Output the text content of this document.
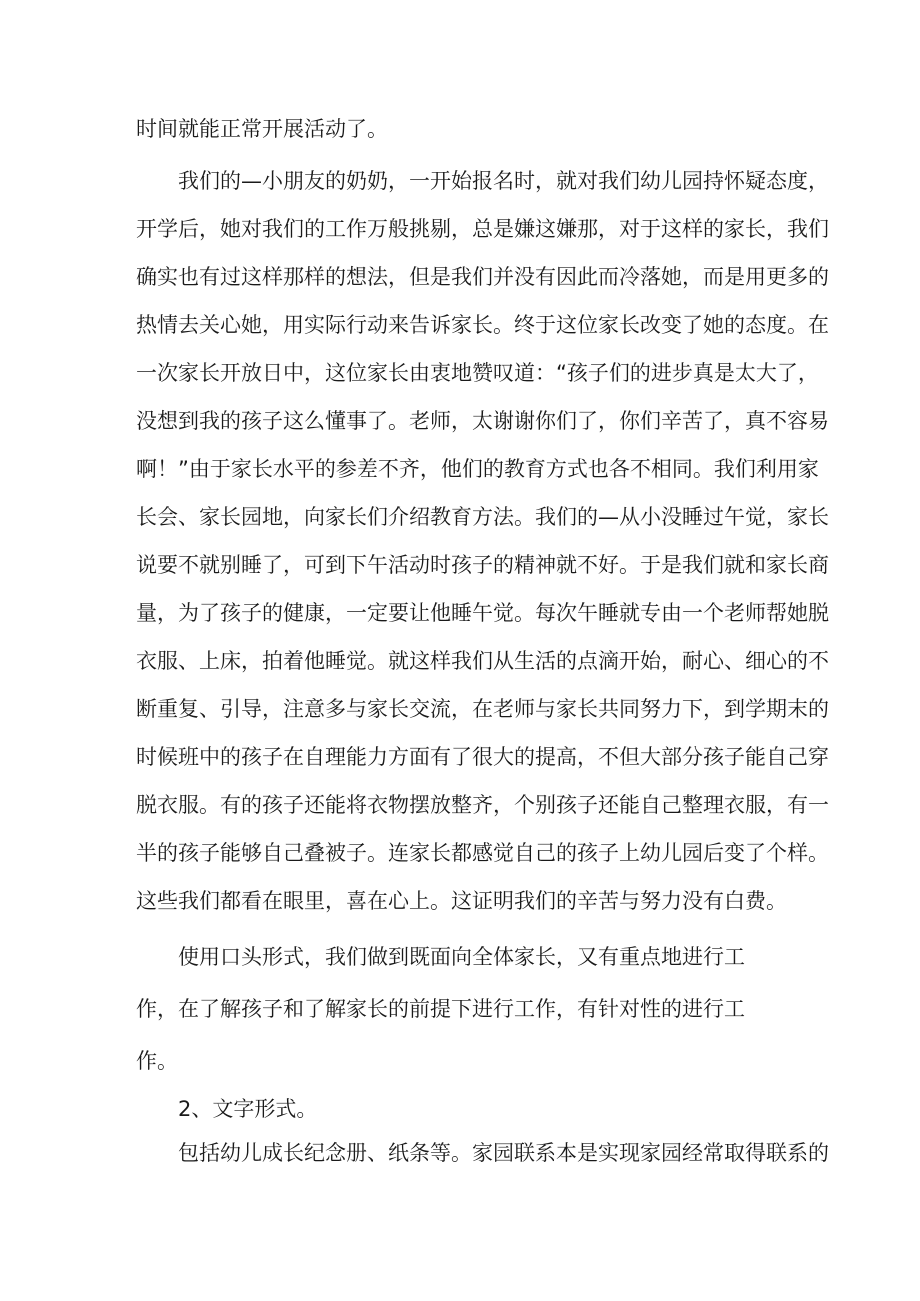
时间就能正常开展活动了。
　　我们的—小朋友的奶奶，一开始报名时，就对我们幼儿园持怀疑态度，
开学后，她对我们的工作万般挑剔，总是嫌这嫌那，对于这样的家长，我们
确实也有过这样那样的想法，但是我们并没有因此而冷落她，而是用更多的
热情去关心她，用实际行动来告诉家长。终于这位家长改变了她的态度。在
一次家长开放日中，这位家长由衷地赞叹道：“孩子们的进步真是太大了，
没想到我的孩子这么懂事了。老师，太谢谢你们了，你们辛苦了，真不容易
啊！”由于家长水平的参差不齐，他们的教育方式也各不相同。我们利用家
长会、家长园地，向家长们介绍教育方法。我们的—从小没睡过午觉，家长
说要不就别睡了，可到下午活动时孩子的精神就不好。于是我们就和家长商
量，为了孩子的健康，一定要让他睡午觉。每次午睡就专由一个老师帮她脱
衣服、上床，拍着他睡觉。就这样我们从生活的点滴开始，耐心、细心的不
断重复、引导，注意多与家长交流，在老师与家长共同努力下，到学期末的
时候班中的孩子在自理能力方面有了很大的提高，不但大部分孩子能自己穿
脱衣服。有的孩子还能将衣物摆放整齐，个别孩子还能自己整理衣服，有一
半的孩子能够自己叠被子。连家长都感觉自己的孩子上幼儿园后变了个样。
这些我们都看在眼里，喜在心上。这证明我们的辛苦与努力没有白费。
　　使用口头形式，我们做到既面向全体家长，又有重点地进行工
作，在了解孩子和了解家长的前提下进行工作，有针对性的进行工
作。
　　2、文字形式。
　　包括幼儿成长纪念册、纸条等。家园联系本是实现家园经常取得联系的
